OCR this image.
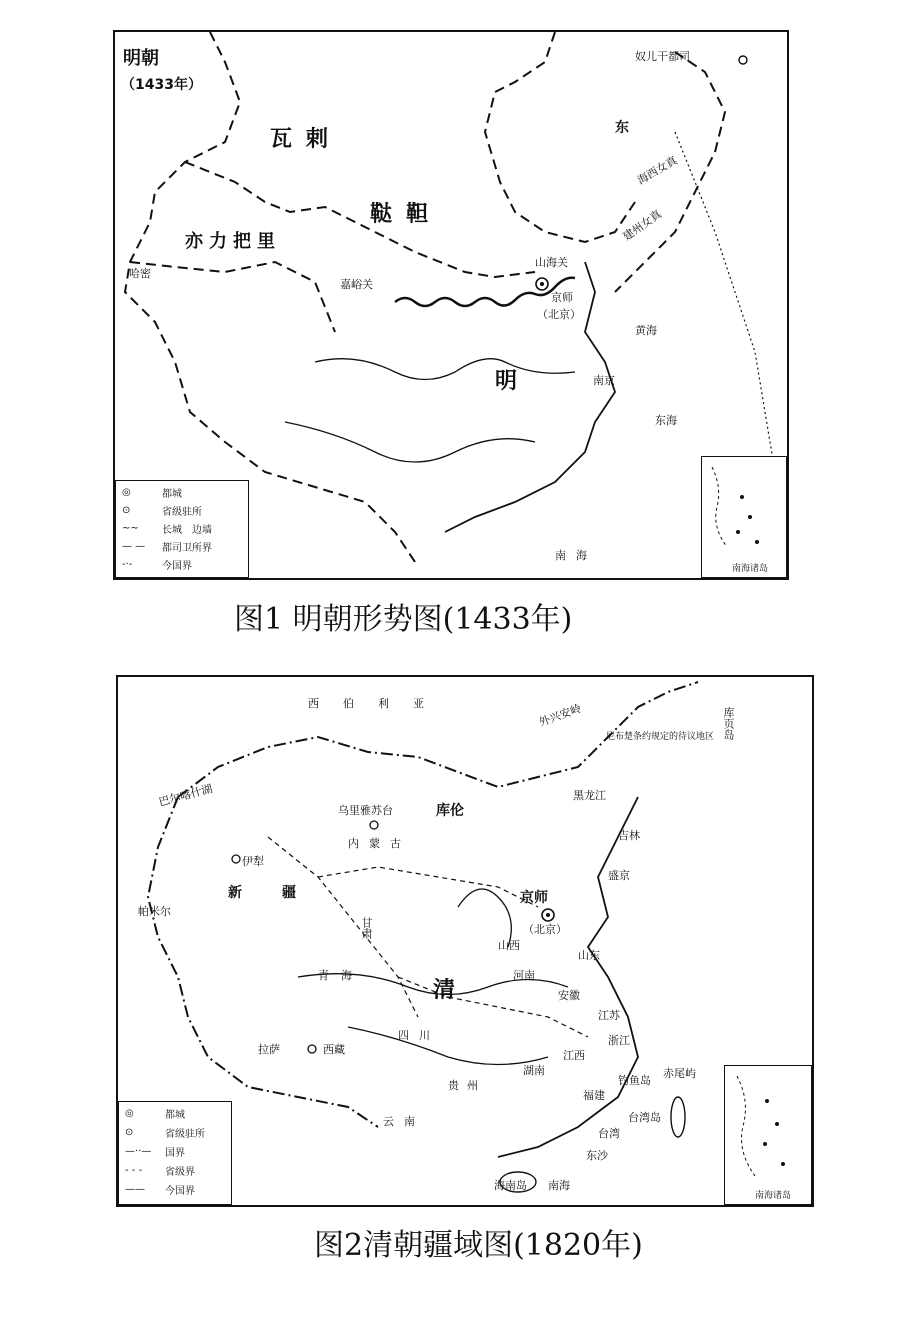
明朝
（1433年）
瓦剌
鞑靼
亦力把里
哈密
嘉峪关
京师
（北京）
山海关
明
奴儿干都司
东
海西女真
建州女真
南京
东海
南海
黄海
◎	都城
⊙	省级驻所
~~	长城　边墙
— —	都司卫所界
-·-	今国界	南海诸岛
图1 明朝形势图(1433年)
西伯利亚	外兴安岭
尼布楚条约规定的待议地区 库页岛
巴尔喀什湖
乌里雅苏台	库伦
内蒙古
伊犁
新疆
帕米尔
甘肃
青海
京师
（北京）
清
河南
山西
山东
安徽
江苏
浙江
盛京
吉林
黑龙江
拉萨	西藏
四川
云南
贵州
湖南
江西
福建
钓鱼岛
赤尾屿
台湾岛
台湾
东沙
海南岛 南海
◎	都城
⊙	省级驻所
—··—	国界
- - -	省级界
——	今国界	南海诸岛
图2清朝疆域图(1820年)
